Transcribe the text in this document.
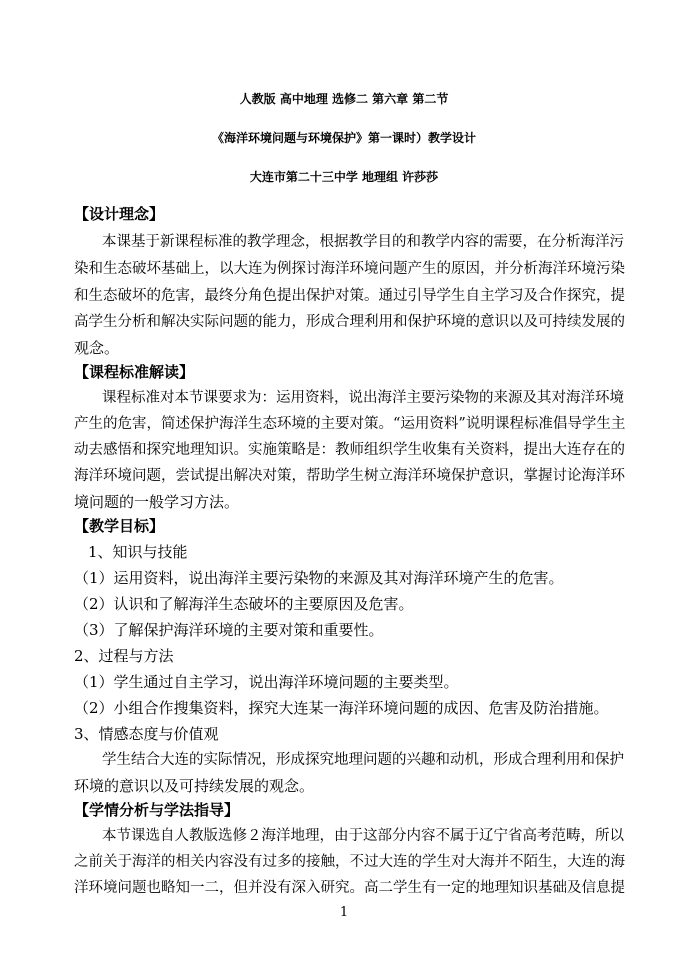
人教版 高中地理 选修二 第六章 第二节
《海洋环境问题与环境保护》第一课时）教学设计
大连市第二十三中学 地理组 许莎莎
【设计理念】
本课基于新课程标准的教学理念，根据教学目的和教学内容的需要，在分析海洋污
染和生态破坏基础上，以大连为例探讨海洋环境问题产生的原因，并分析海洋环境污染
和生态破坏的危害，最终分角色提出保护对策。通过引导学生自主学习及合作探究，提
高学生分析和解决实际问题的能力，形成合理利用和保护环境的意识以及可持续发展的
观念。
【课程标准解读】
课程标准对本节课要求为：运用资料，说出海洋主要污染物的来源及其对海洋环境
产生的危害，简述保护海洋生态环境的主要对策。“运用资料”说明课程标准倡导学生主
动去感悟和探究地理知识。实施策略是：教师组织学生收集有关资料，提出大连存在的
海洋环境问题，尝试提出解决对策，帮助学生树立海洋环境保护意识，掌握讨论海洋环
境问题的一般学习方法。
【教学目标】
1、知识与技能
（1）运用资料，说出海洋主要污染物的来源及其对海洋环境产生的危害。
（2）认识和了解海洋生态破坏的主要原因及危害。
（3）了解保护海洋环境的主要对策和重要性。
2、过程与方法
（1）学生通过自主学习，说出海洋环境问题的主要类型。
（2）小组合作搜集资料，探究大连某一海洋环境问题的成因、危害及防治措施。
3、情感态度与价值观
学生结合大连的实际情况，形成探究地理问题的兴趣和动机，形成合理利用和保护
环境的意识以及可持续发展的观念。
【学情分析与学法指导】
本节课选自人教版选修２海洋地理，由于这部分内容不属于辽宁省高考范畴，所以
之前关于海洋的相关内容没有过多的接触，不过大连的学生对大海并不陌生，大连的海
洋环境问题也略知一二，但并没有深入研究。高二学生有一定的地理知识基础及信息提
1
